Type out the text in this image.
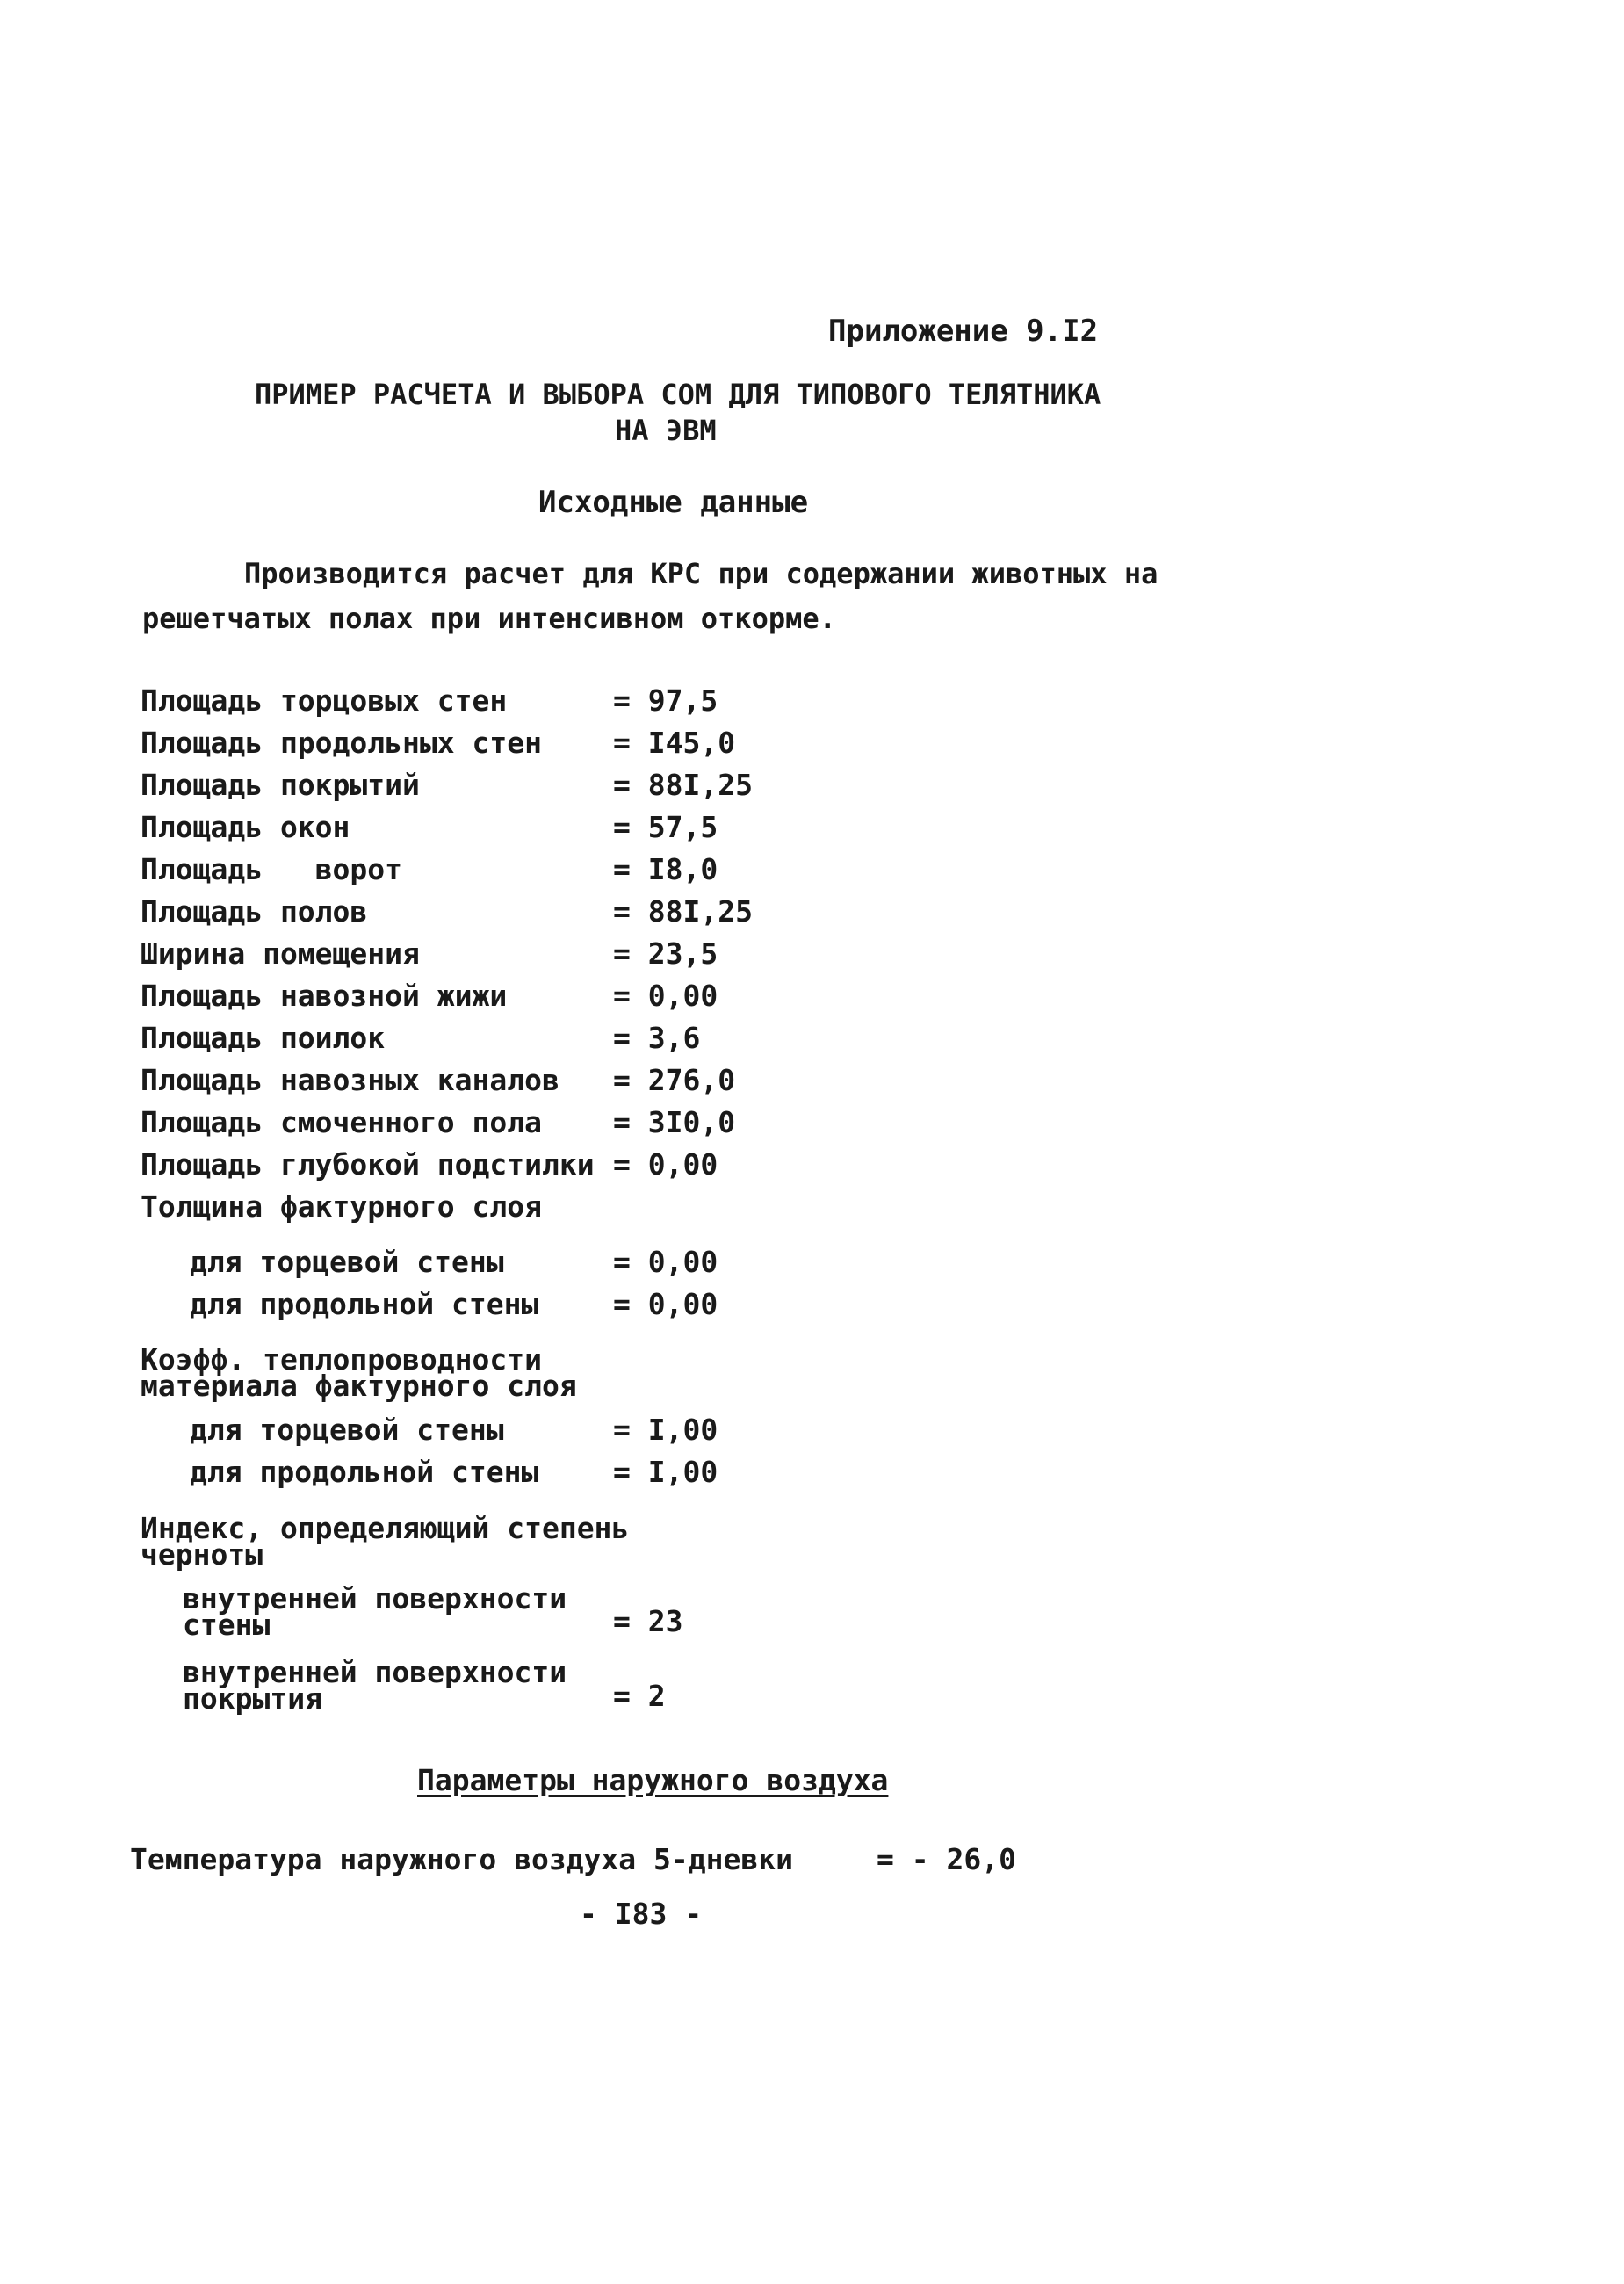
Приложение 9.I2
ПРИМЕР РАСЧЕТА И ВЫБОРА СОМ ДЛЯ ТИПОВОГО ТЕЛЯТНИКА
НА ЭВМ
Исходные данные
Производится расчет для КРС при содержании животных на
решетчатых полах при интенсивном откорме.
Площадь торцовых стен	= 97,5
Площадь продольных стен = I45,0
Площадь покрытий	= 88I,25
Площадь окон	= 57,5
Площадь   ворот	= I8,0
Площадь полов	= 88I,25
Ширина помещения	= 23,5
Площадь навозной жижи	= 0,00
Площадь поилок	= 3,6
Площадь навозных каналов = 276,0
Площадь смоченного пола = 3I0,0
Площадь глубокой подстилки = 0,00
Толщина фактурного слоя
для торцевой стены	= 0,00
для продольной стены	= 0,00
Коэфф. теплопроводности
материала фактурного слоя
для торцевой стены	= I,00
для продольной стены	= I,00
Индекс, определяющий степень
черноты
внутренней поверхности
стены	= 23
внутренней поверхности
покрытия	= 2
Параметры наружного воздуха
Температура наружного воздуха 5-дневки	= - 26,0
- I83 -
